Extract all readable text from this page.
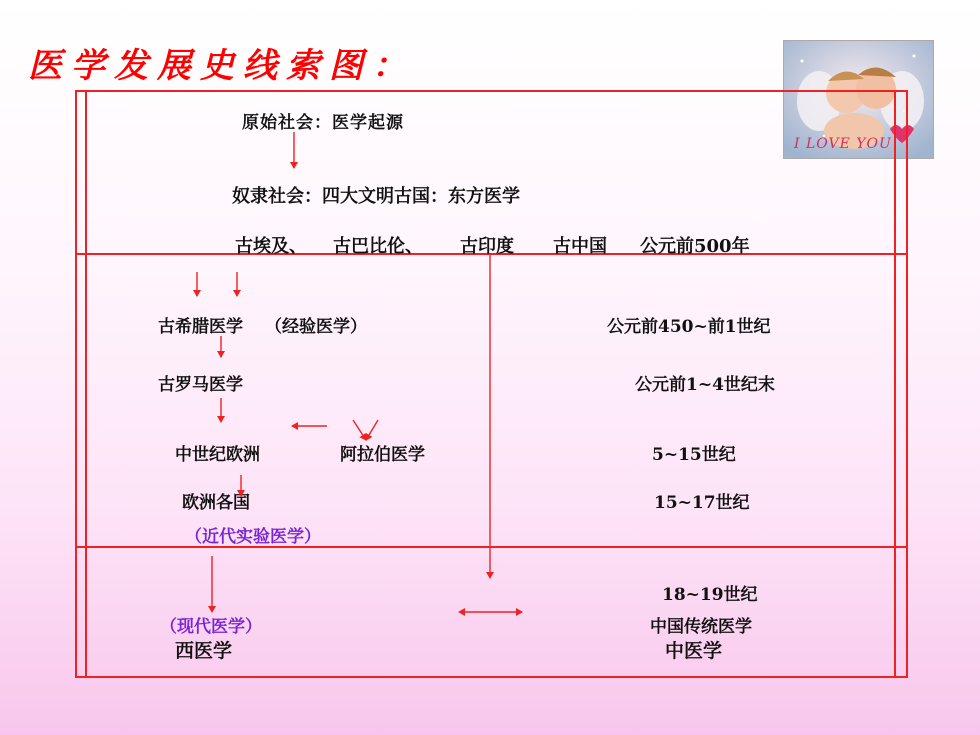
医学发展史线索图：
I LOVE YOU
原始社会：医学起源
奴隶社会：四大文明古国：东方医学
古埃及、 古巴比伦、 古印度 古中国 公元前500年
古希腊医学 （经验医学）	公元前450~前1世纪
古罗马医学	公元前1~4世纪末
中世纪欧洲	阿拉伯医学	5~15世纪
欧洲各国	15~17世纪
（近代实验医学）
18~19世纪
（现代医学）	中国传统医学
西医学	中医学
